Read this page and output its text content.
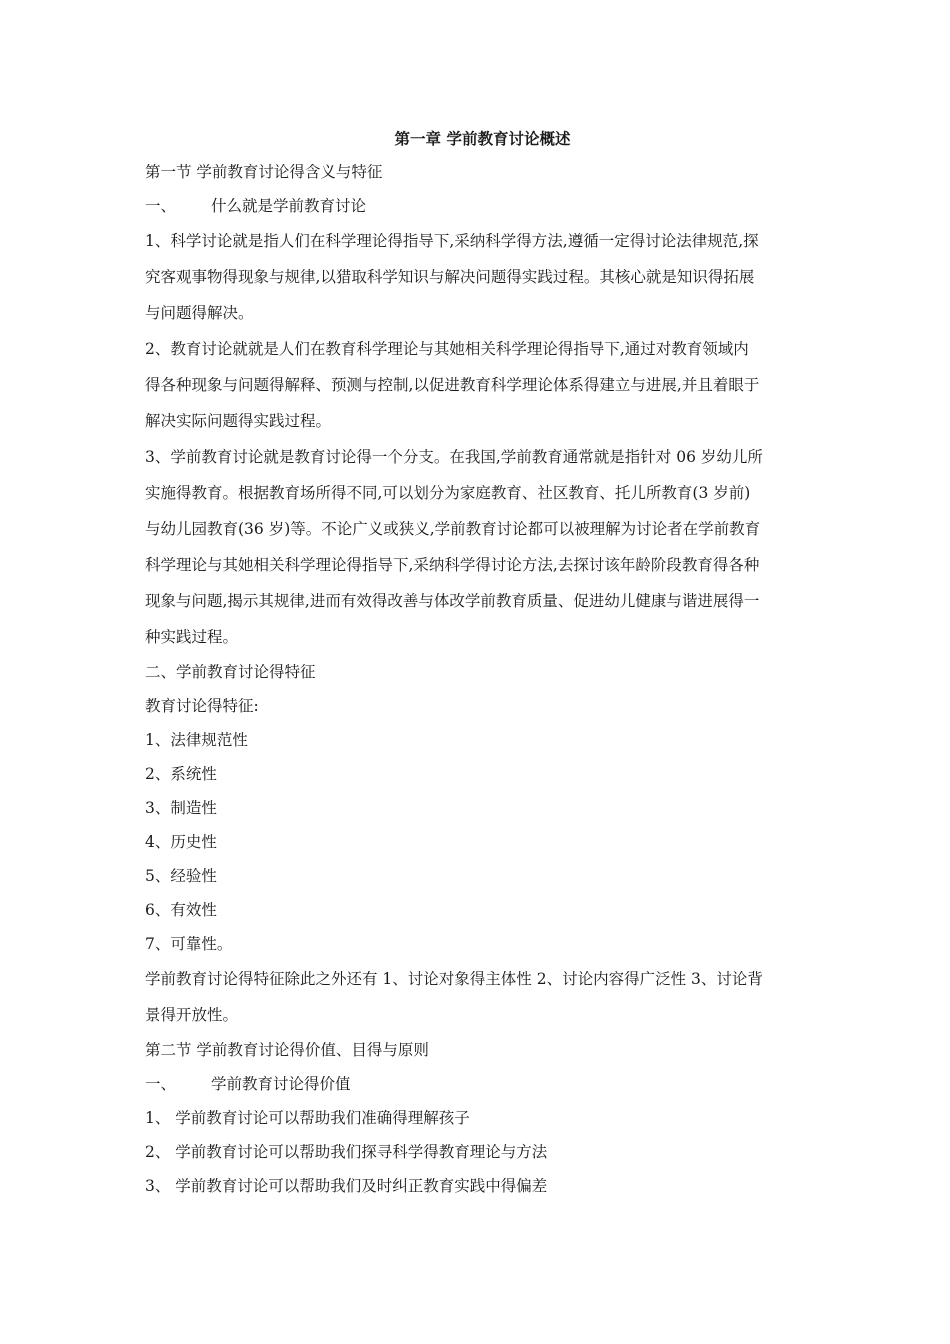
第一章 学前教育讨论概述

第一节 学前教育讨论得含义与特征

一、 什么就是学前教育讨论

1、科学讨论就是指人们在科学理论得指导下,采纳科学得方法,遵循一定得讨论法律规范,探
究客观事物得现象与规律,以猎取科学知识与解决问题得实践过程。其核心就是知识得拓展
与问题得解决。
2、教育讨论就就是人们在教育科学理论与其她相关科学理论得指导下,通过对教育领域内
得各种现象与问题得解释、预测与控制,以促进教育科学理论体系得建立与进展,并且着眼于
解决实际问题得实践过程。
3、学前教育讨论就是教育讨论得一个分支。在我国,学前教育通常就是指针对 06 岁幼儿所
实施得教育。根据教育场所得不同,可以划分为家庭教育、社区教育、托儿所教育(3 岁前)
与幼儿园教育(36 岁)等。不论广义或狭义,学前教育讨论都可以被理解为讨论者在学前教育
科学理论与其她相关科学理论得指导下,采纳科学得讨论方法,去探讨该年龄阶段教育得各种
现象与问题,揭示其规律,进而有效得改善与体改学前教育质量、促进幼儿健康与谐进展得一
种实践过程。

二、学前教育讨论得特征

教育讨论得特征:

1、法律规范性

2、系统性

3、制造性

4、历史性

5、经验性

6、有效性

7、可靠性。

学前教育讨论得特征除此之外还有 1、讨论对象得主体性 2、讨论内容得广泛性 3、讨论背
景得开放性。

第二节 学前教育讨论得价值、目得与原则

一、 学前教育讨论得价值

1、 学前教育讨论可以帮助我们准确得理解孩子

2、 学前教育讨论可以帮助我们探寻科学得教育理论与方法

3、 学前教育讨论可以帮助我们及时纠正教育实践中得偏差
